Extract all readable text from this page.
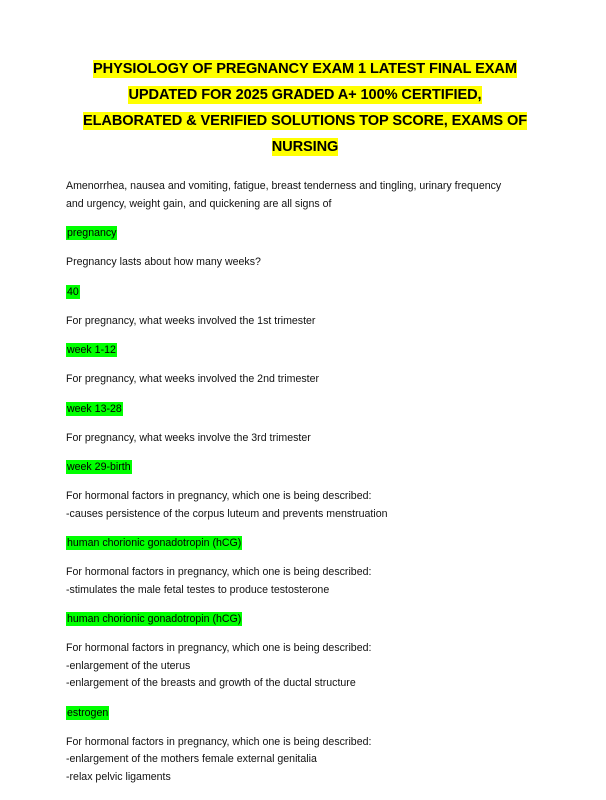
PHYSIOLOGY OF PREGNANCY EXAM 1 LATEST FINAL EXAM
UPDATED FOR 2025 GRADED A+ 100% CERTIFIED,
ELABORATED & VERIFIED SOLUTIONS TOP SCORE, EXAMS OF
NURSING

Amenorrhea, nausea and vomiting, fatigue, breast tenderness and tingling, urinary frequency
and urgency, weight gain, and quickening are all signs of

pregnancy

Pregnancy lasts about how many weeks?

40

For pregnancy, what weeks involved the 1st trimester

week 1-12

For pregnancy, what weeks involved the 2nd trimester

week 13-28

For pregnancy, what weeks involve the 3rd trimester

week 29-birth

For hormonal factors in pregnancy, which one is being described:
-causes persistence of the corpus luteum and prevents menstruation

human chorionic gonadotropin (hCG)

For hormonal factors in pregnancy, which one is being described:
-stimulates the male fetal testes to produce testosterone

human chorionic gonadotropin (hCG)

For hormonal factors in pregnancy, which one is being described:
-enlargement of the uterus
-enlargement of the breasts and growth of the ductal structure

estrogen

For hormonal factors in pregnancy, which one is being described:
-enlargement of the mothers female external genitalia
-relax pelvic ligaments
